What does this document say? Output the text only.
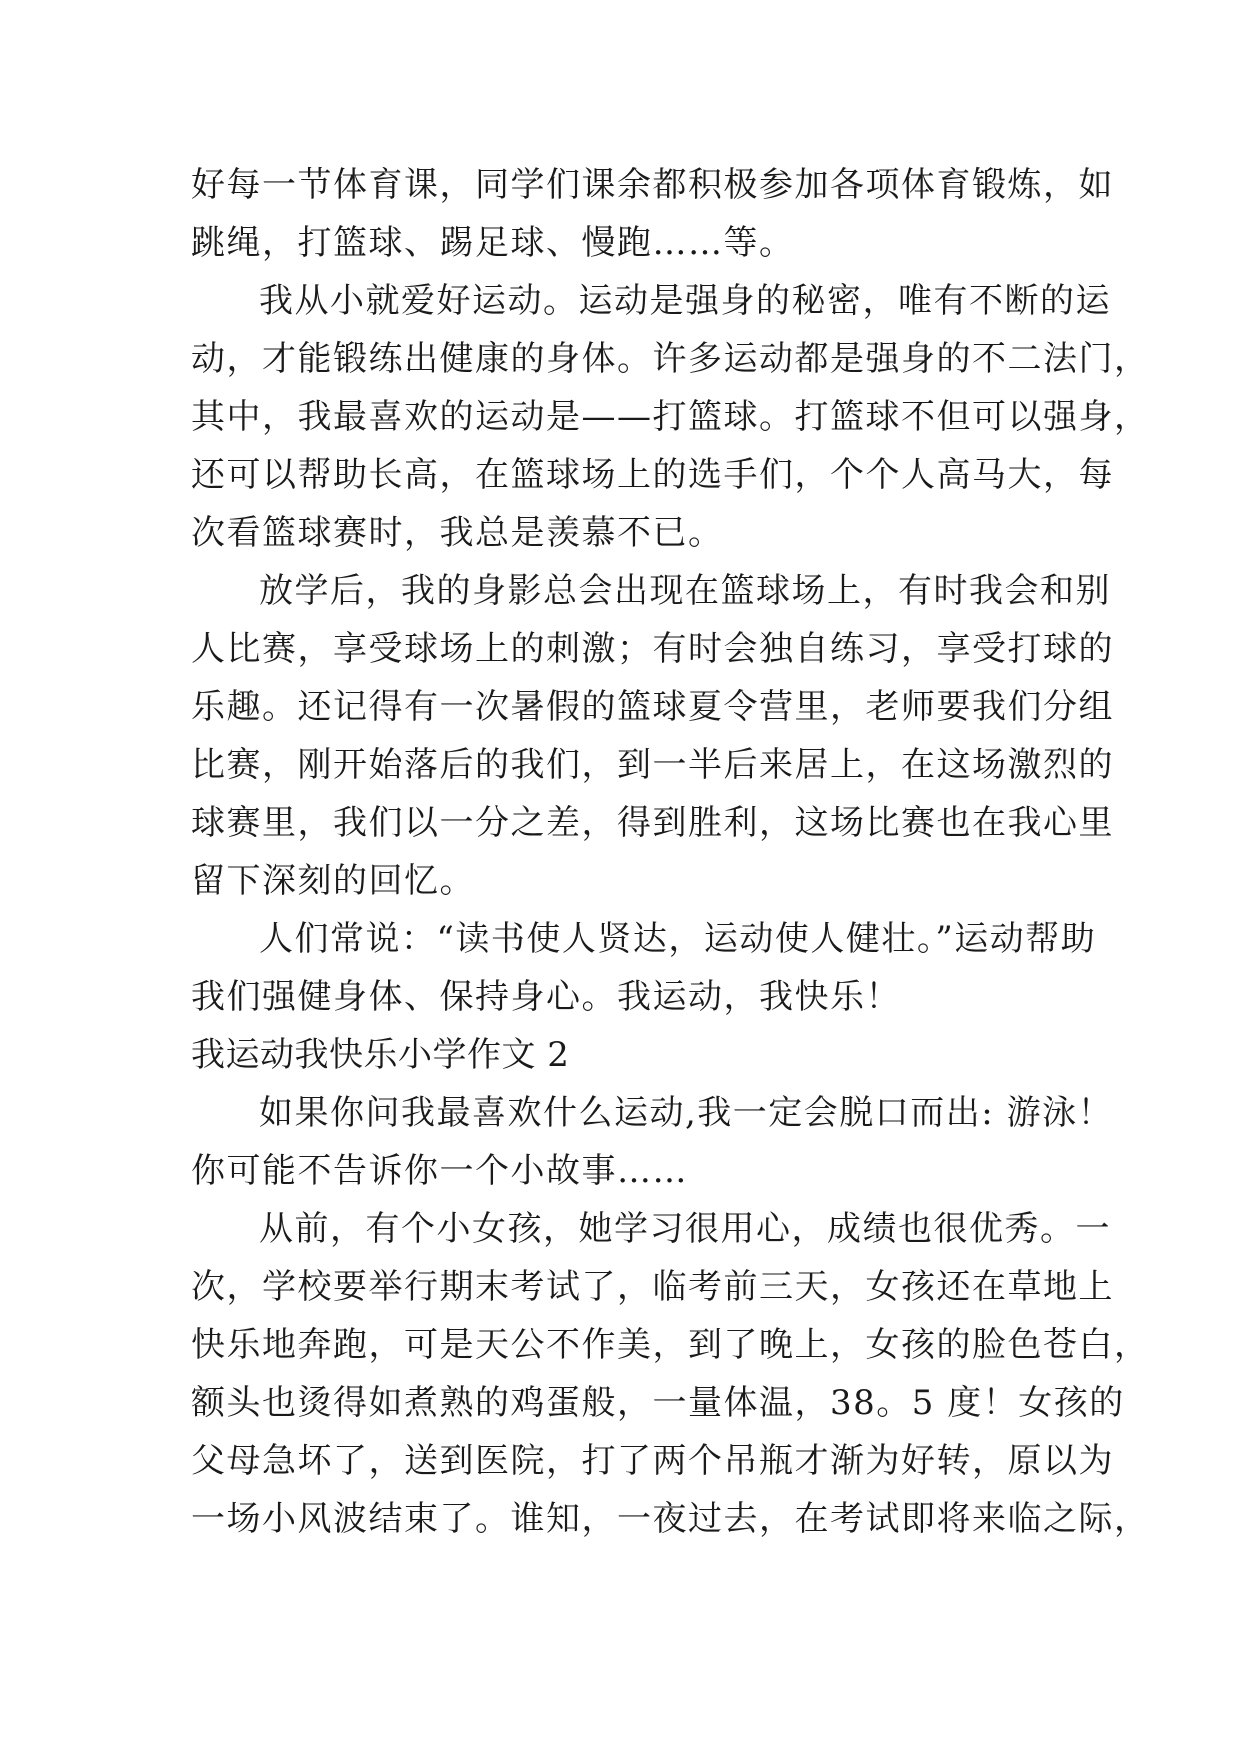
好每一节体育课，同学们课余都积极参加各项体育锻炼，如
跳绳，打篮球、踢足球、慢跑……等。
我从小就爱好运动。运动是强身的秘密，唯有不断的运
动，才能锻练出健康的身体。许多运动都是强身的不二法门，
其中，我最喜欢的运动是——打篮球。打篮球不但可以强身，
还可以帮助长高，在篮球场上的选手们，个个人高马大，每
次看篮球赛时，我总是羡慕不已。
放学后，我的身影总会出现在篮球场上，有时我会和别
人比赛，享受球场上的刺激；有时会独自练习，享受打球的
乐趣。还记得有一次暑假的篮球夏令营里，老师要我们分组
比赛，刚开始落后的我们，到一半后来居上，在这场激烈的
球赛里，我们以一分之差，得到胜利，这场比赛也在我心里
留下深刻的回忆。
人们常说：“读书使人贤达，运动使人健壮。”运动帮助
我们强健身体、保持身心。我运动，我快乐！
我运动我快乐小学作文 2
如果你问我最喜欢什么运动,我一定会脱口而出: 游泳！
你可能不告诉你一个小故事……
从前，有个小女孩，她学习很用心，成绩也很优秀。一
次，学校要举行期末考试了，临考前三天，女孩还在草地上
快乐地奔跑，可是天公不作美，到了晚上，女孩的脸色苍白，
额头也烫得如煮熟的鸡蛋般，一量体温，38。5 度！女孩的
父母急坏了，送到医院，打了两个吊瓶才渐为好转，原以为
一场小风波结束了。谁知，一夜过去，在考试即将来临之际，
